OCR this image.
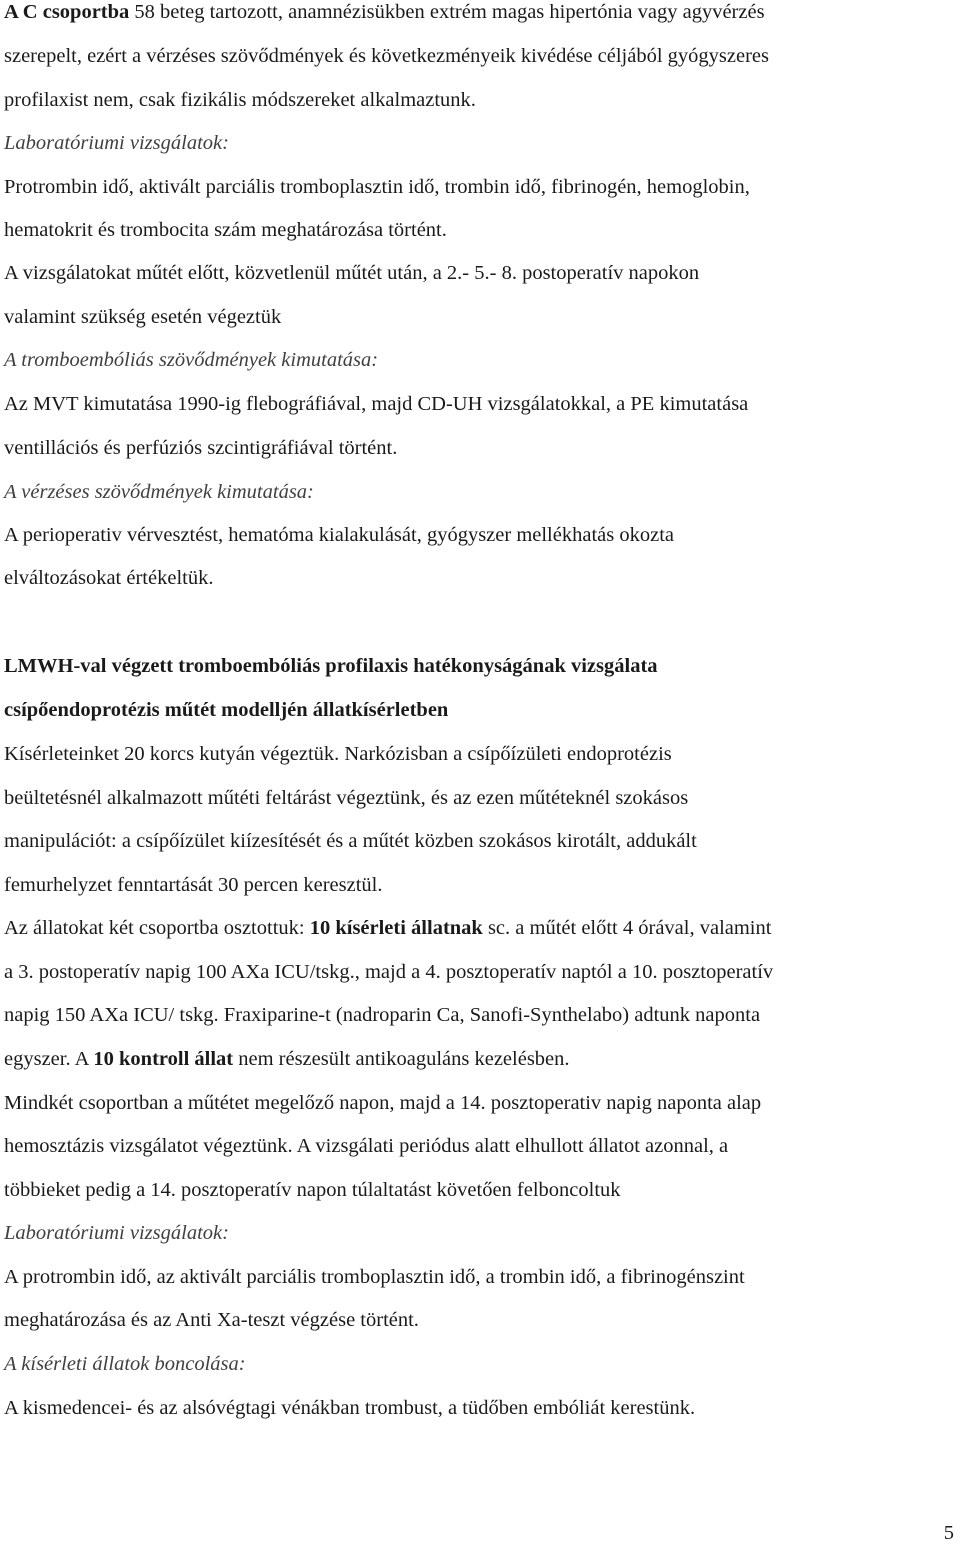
A C csoportba 58 beteg tartozott, anamnézisükben extrém magas hipertónia vagy agyvérzés
szerepelt, ezért a vérzéses szövődmények és következményeik kivédése céljából gyógyszeres
profilaxist nem, csak fizikális módszereket alkalmaztunk.
Laboratóriumi vizsgálatok:
Protrombin idő, aktivált parciális tromboplasztin idő, trombin idő, fibrinogén, hemoglobin,
hematokrit és trombocita szám meghatározása történt.
A vizsgálatokat műtét előtt, közvetlenül műtét után, a 2.- 5.- 8. postoperatív napokon
valamint szükség esetén végeztük
A tromboembóliás szövődmények kimutatása:
Az MVT kimutatása 1990-ig flebográfiával, majd CD-UH vizsgálatokkal, a PE kimutatása
ventillációs és perfúziós szcintigráfiával történt.
A vérzéses szövődmények kimutatása:
A perioperativ vérvesztést, hematóma kialakulását, gyógyszer mellékhatás okozta
elváltozásokat értékeltük.
LMWH-val végzett tromboembóliás profilaxis hatékonyságának vizsgálata
csípőendoprotézis műtét modelljén állatkísérletben
Kísérleteinket 20 korcs kutyán végeztük. Narkózisban a csípőízületi endoprotézis
beültetésnél alkalmazott műtéti feltárást végeztünk, és az ezen műtéteknél szokásos
manipulációt: a csípőízület kiízesítését és a műtét közben szokásos kirotált, addukált
femurhelyzet fenntartását 30 percen keresztül.
Az állatokat két csoportba osztottuk: 10 kísérleti állatnak sc. a műtét előtt 4 órával, valamint
a 3. postoperatív napig 100 AXa ICU/tskg., majd a 4. posztoperatív naptól a 10. posztoperatív
napig 150 AXa ICU/ tskg. Fraxiparine-t (nadroparin Ca, Sanofi-Synthelabo) adtunk naponta
egyszer. A 10 kontroll állat nem részesült antikoaguláns kezelésben.
Mindkét csoportban a műtétet megelőző napon, majd a 14. posztoperativ napig naponta alap
hemosztázis vizsgálatot végeztünk. A vizsgálati periódus alatt elhullott állatot azonnal, a
többieket pedig a 14. posztoperatív napon túlaltatást követően felboncoltuk
Laboratóriumi vizsgálatok:
A protrombin idő, az aktivált parciális tromboplasztin idő, a trombin idő, a fibrinogénszint
meghatározása és az Anti Xa-teszt végzése történt.
A kísérleti állatok boncolása:
A kismedencei- és az alsóvégtagi vénákban trombust, a tüdőben embóliát kerestünk.
5
